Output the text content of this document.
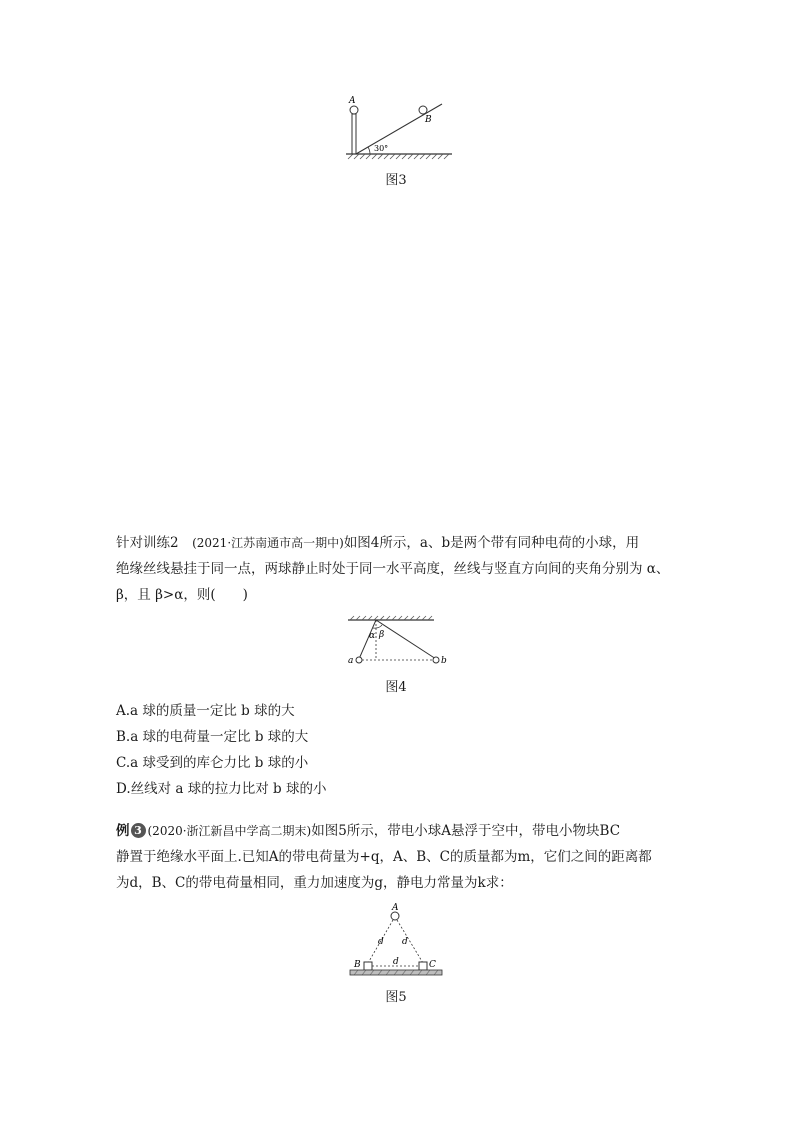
A
B
30°
图3
针对训练2　 (2021·江苏南通市高一期中)如图4所示，a、b是两个带有同种电荷的小球，用
绝缘丝线悬挂于同一点，两球静止时处于同一水平高度，丝线与竖直方向间的夹角分别为 α、
β，且 β>α，则(　　)
α β
a	b
图4
A.a 球的质量一定比 b 球的大
B.a 球的电荷量一定比 b 球的大
C.a 球受到的库仑力比 b 球的小
D.丝线对 a 球的拉力比对 b 球的小
例 3 (2020·浙江新昌中学高二期末)如图5所示，带电小球A悬浮于空中，带电小物块BC
静置于绝缘水平面上.已知A的带电荷量为+q，A、B、C的质量都为m，它们之间的距离都
为d，B、C的带电荷量相同，重力加速度为g，静电力常量为k求：
A
d d
d
B	C
图5
